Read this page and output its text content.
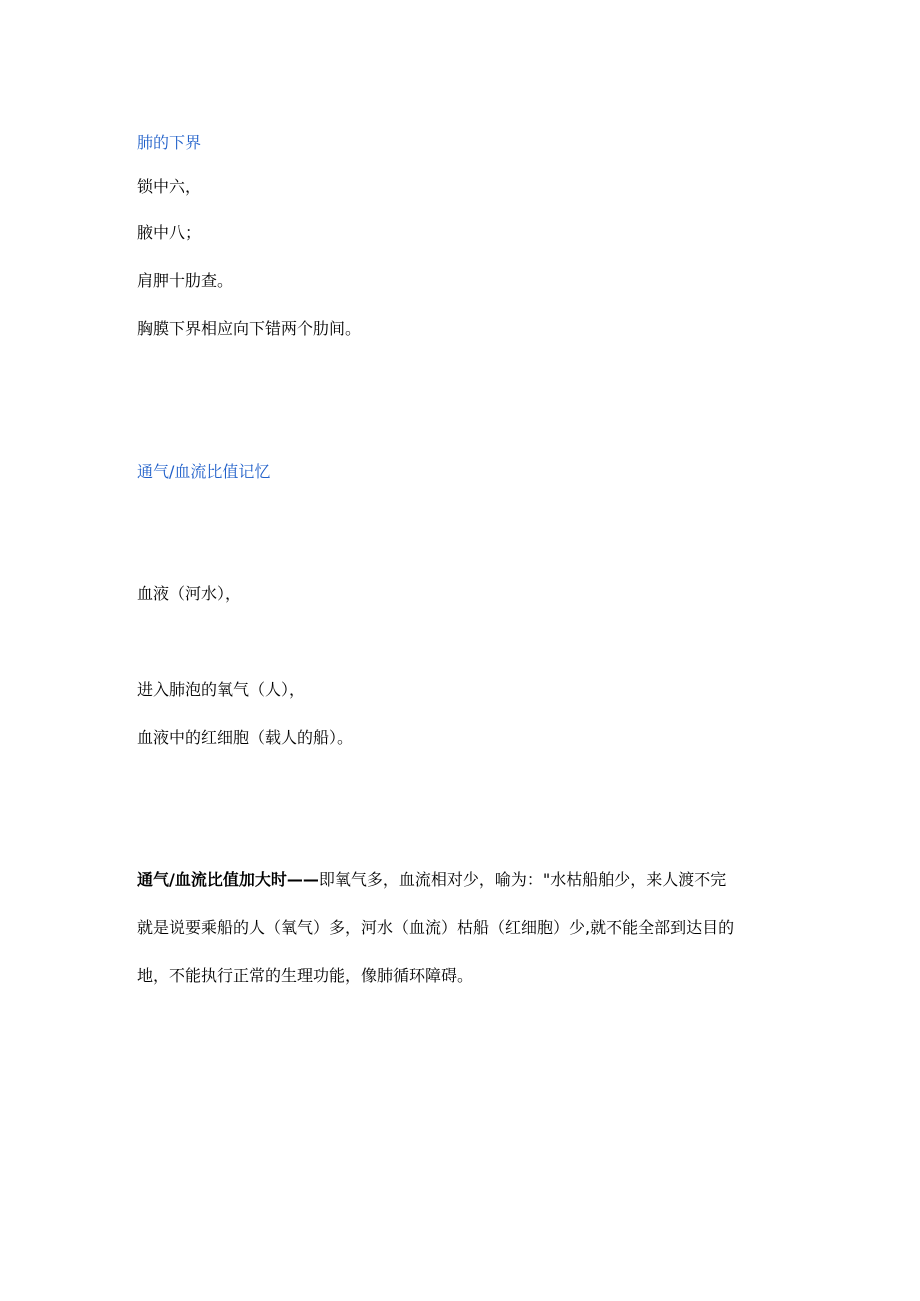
肺的下界

锁中六，

腋中八；

肩胛十肋查。

胸膜下界相应向下错两个肋间。

通气/血流比值记忆

血液（河水），

进入肺泡的氧气（人），

血液中的红细胞（载人的船）。

通气/血流比值加大时——即氧气多，血流相对少，喻为："水枯船舶少，来人渡不完

就是说要乘船的人（氧气）多，河水（血流）枯船（红细胞）少,就不能全部到达目的

地，不能执行正常的生理功能，像肺循环障碍。
